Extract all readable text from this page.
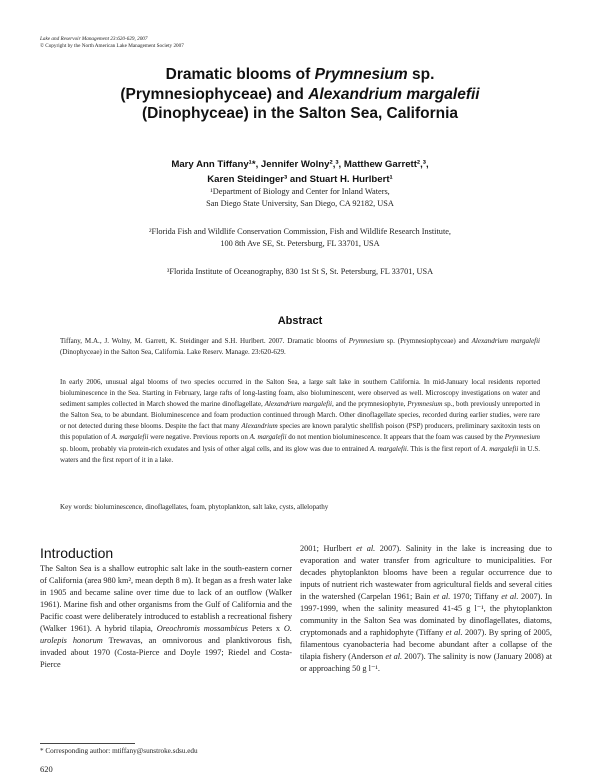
Lake and Reservoir Management 23:620-629, 2007
© Copyright by the North American Lake Management Society 2007
Dramatic blooms of Prymnesium sp.
(Prymnesiophyceae) and Alexandrium margalefii
(Dinophyceae) in the Salton Sea, California
Mary Ann Tiffany¹*, Jennifer Wolny²,³, Matthew Garrett²,³,
Karen Steidinger³ and Stuart H. Hurlbert¹
¹Department of Biology and Center for Inland Waters,
San Diego State University, San Diego, CA 92182, USA
²Florida Fish and Wildlife Conservation Commission, Fish and Wildlife Research Institute,
100 8th Ave SE, St. Petersburg, FL 33701, USA
³Florida Institute of Oceanography, 830 1st St S, St. Petersburg, FL 33701, USA
Abstract
Tiffany, M.A., J. Wolny, M. Garrett, K. Steidinger and S.H. Hurlbert. 2007. Dramatic blooms of Prymnesium sp. (Prymnesiophyceae) and Alexandrium margalefii (Dinophyceae) in the Salton Sea, California. Lake Reserv. Manage. 23:620-629.
In early 2006, unusual algal blooms of two species occurred in the Salton Sea, a large salt lake in southern California. In mid-January local residents reported bioluminescence in the Sea. Starting in February, large rafts of long-lasting foam, also bioluminescent, were observed as well. Microscopy investigations on water and sediment samples collected in March showed the marine dinoflagellate, Alexandrium margalefii, and the prymnesiophyte, Prymnesium sp., both previously unreported in the Salton Sea, to be abundant. Bioluminescence and foam production continued through March. Other dinoflagellate species, recorded during earlier studies, were rare or not detected during these blooms. Despite the fact that many Alexandrium species are known paralytic shellfish poison (PSP) producers, preliminary saxitoxin tests on this population of A. margalefii were negative. Previous reports on A. margalefii do not mention bioluminescence. It appears that the foam was caused by the Prymnesium sp. bloom, probably via protein-rich exudates and lysis of other algal cells, and its glow was due to entrained A. margalefii. This is the first report of A. margalefii in U.S. waters and the first report of it in a lake.
Key words: bioluminescence, dinoflagellates, foam, phytoplankton, salt lake, cysts, allelopathy
Introduction
The Salton Sea is a shallow eutrophic salt lake in the south-eastern corner of California (area 980 km², mean depth 8 m). It began as a fresh water lake in 1905 and became saline over time due to lack of an outflow (Walker 1961). Marine fish and other organisms from the Gulf of California and the Pacific coast were deliberately introduced to establish a recreational fishery (Walker 1961). A hybrid tilapia, Oreochromis mossambicus Peters x O. urolepis honorum Trewavas, an omnivorous and planktivorous fish, invaded about 1970 (Costa-Pierce and Doyle 1997; Riedel and Costa-Pierce
2001; Hurlbert et al. 2007). Salinity in the lake is increasing due to evaporation and water transfer from agriculture to municipalities. For decades phytoplankton blooms have been a regular occurrence due to inputs of nutrient rich wastewater from agricultural fields and several cities in the watershed (Carpelan 1961; Bain et al. 1970; Tiffany et al. 2007). In 1997-1999, when the salinity measured 41-45 g l⁻¹, the phytoplankton community in the Salton Sea was dominated by dinoflagellates, diatoms, cryptomonads and a raphidophyte (Tiffany et al. 2007). By spring of 2005, filamentous cyanobacteria had become abundant after a collapse of the tilapia fishery (Anderson et al. 2007). The salinity is now (January 2008) at or approaching 50 g l⁻¹.
* Corresponding author: mtiffany@sunstroke.sdsu.edu
620
